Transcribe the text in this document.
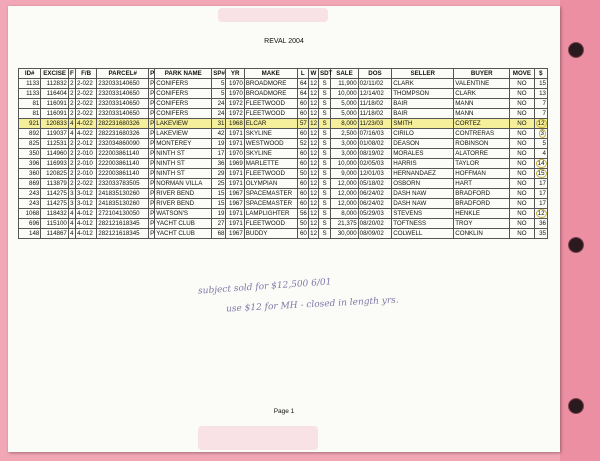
REVAL 2004
ID#	EXCISE	F	F/B	PARCEL#	P	PARK NAME	SP#	YR	MAKE	L	W	SDT	SALE	DOS	SELLER	BUYER	MOVE	$
1133	112832	2	2-022	232033140650	P	CONIFERS	5	1970	BROADMORE	64	12	S	11,900	02/11/02	CLARK	VALENTINE	NO	15
1133	116404	2	2-022	232033140650	P	CONIFERS	5	1970	BROADMORE	64	12	S	10,000	12/14/02	THOMPSON	CLARK	NO	13
81	116091	2	2-022	232033140650	P	CONIFERS	24	1972	FLEETWOOD	60	12	S	5,000	11/18/02	BAIR	MANN	NO	7
81	116091	2	2-022	232033140650	P	CONIFERS	24	1972	FLEETWOOD	60	12	S	5,000	11/18/02	BAIR	MANN	NO	7
921	120833	4	4-022	282231680326	P	LAKEVIEW	31	1968	ELCAR	57	12	S	8,000	11/23/03	SMITH	CORTEZ	NO	12
892	119037	4	4-022	282231680326	P	LAKEVIEW	42	1971	SKYLINE	60	12	S	2,500	07/16/03	CIRILO	CONTRERAS	NO	3
825	112531	2	2-012	232034860090	P	MONTEREY	19	1971	WESTWOOD	52	12	S	3,000	01/08/02	DEASON	ROBINSON	NO	5
350	114960	2	2-010	222003861140	P	NINTH ST	17	1970	SKYLINE	60	12	S	3,000	08/19/02	MORALES	ALATORRE	NO	4
396	116993	2	2-010	222003861140	P	NINTH ST	36	1969	MARLETTE	60	12	S	10,000	02/05/03	HARRIS	TAYLOR	NO	14
360	120825	2	2-010	222003861140	P	NINTH ST	29	1971	FLEETWOOD	50	12	S	9,000	12/01/03	HERNANDAEZ	HOFFMAN	NO	15
869	113879	2	2-022	232033783505	P	NORMAN VILLA	25	1971	OLYMPIAN	60	12	S	12,000	05/18/02	OSBORN	HART	NO	17
243	114275	3	3-012	241835130260	P	RIVER BEND	15	1967	SPACEMASTER	60	12	S	12,000	06/24/02	DASH NAW	BRADFORD	NO	17
243	114275	3	3-012	241835130260	P	RIVER BEND	15	1967	SPACEMASTER	60	12	S	12,000	06/24/02	DASH NAW	BRADFORD	NO	17
1068	118432	4	4-012	272104130050	P	WATSON'S	19	1971	LAMPLIGHTER	56	12	S	8,000	05/29/03	STEVENS	HENKLE	NO	12
696	115100	4	4-012	282121618345	P	YACHT CLUB	27	1971	FLEETWOOD	50	12	S	21,375	08/20/02	TOFTNESS	TROY	NO	36
148	114867	4	4-012	282121618345	P	YACHT CLUB	68	1967	BUDDY	60	12	S	30,000	08/09/02	COLWELL	CONKLIN	NO	35
subject sold for $12,500 6/01
use $12 for MH - closed in length yrs.
Page 1
